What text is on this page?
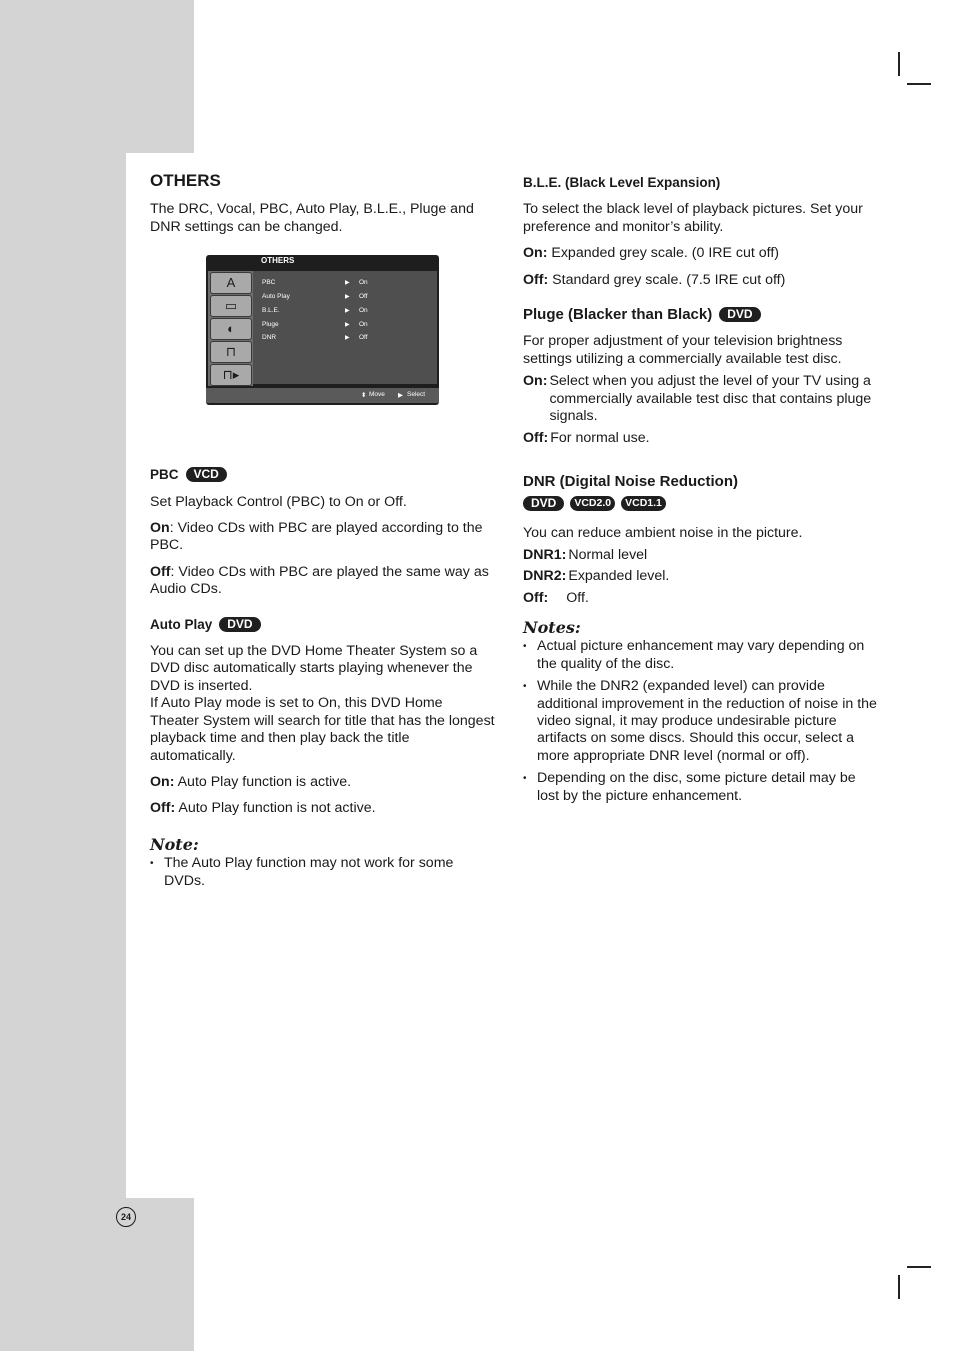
OTHERS

The DRC, Vocal, PBC, Auto Play, B.L.E., Pluge and DNR settings can be changed.

PBC	VCD

Set Playback Control (PBC) to On or Off.

On: Video CDs with PBC are played according to the PBC.

Off: Video CDs with PBC are played the same way as Audio CDs.

Auto Play	DVD

You can set up the DVD Home Theater System so a DVD disc automatically starts playing whenever the DVD is inserted.

If Auto Play mode is set to On, this DVD Home Theater System will search for title that has the longest playback time and then play back the title automatically.

On: Auto Play function is active.

Off: Auto Play function is not active.

Note:
• The Auto Play function may not work for some DVDs.
OTHERS
A
▭
◐
⊓
⊓▸
PBC	▶ On
Auto Play	▶ Off
B.L.E.	▶ On
Pluge	▶ On
DNR	▶ Off
⬍ Move ▶ Select
B.L.E. ( Black Level Expansion)

To select the black level of playback pictures. Set your preference and monitor’s ability.

On: Expanded grey scale. (0 IRE cut off)

Off: Standard grey scale. (7.5 IRE cut off)

Pluge (Blacker than Black)	DVD

For proper adjustment of your television brightness settings utilizing a commercially available test disc.

On: Select when you adjust the level of your TV using a commercially available test disc that contains pluge signals.
Off: For normal use.
DNR (Digital Noise Reduction)
DVD	VCD2.0	VCD1.1

You can reduce ambient noise in the picture.

DNR1: Normal level
DNR2: Expanded level.
Off: Off.
Notes:
• Actual picture enhancement may vary depending on the quality of the disc.
• While the DNR2 (expanded level) can provide additional improvement in the reduction of noise in the video signal, it may produce undesirable picture artifacts on some discs. Should this occur, select a more appropriate DNR level (normal or off).
• Depending on the disc, some picture detail may be lost by the picture enhancement.
24
